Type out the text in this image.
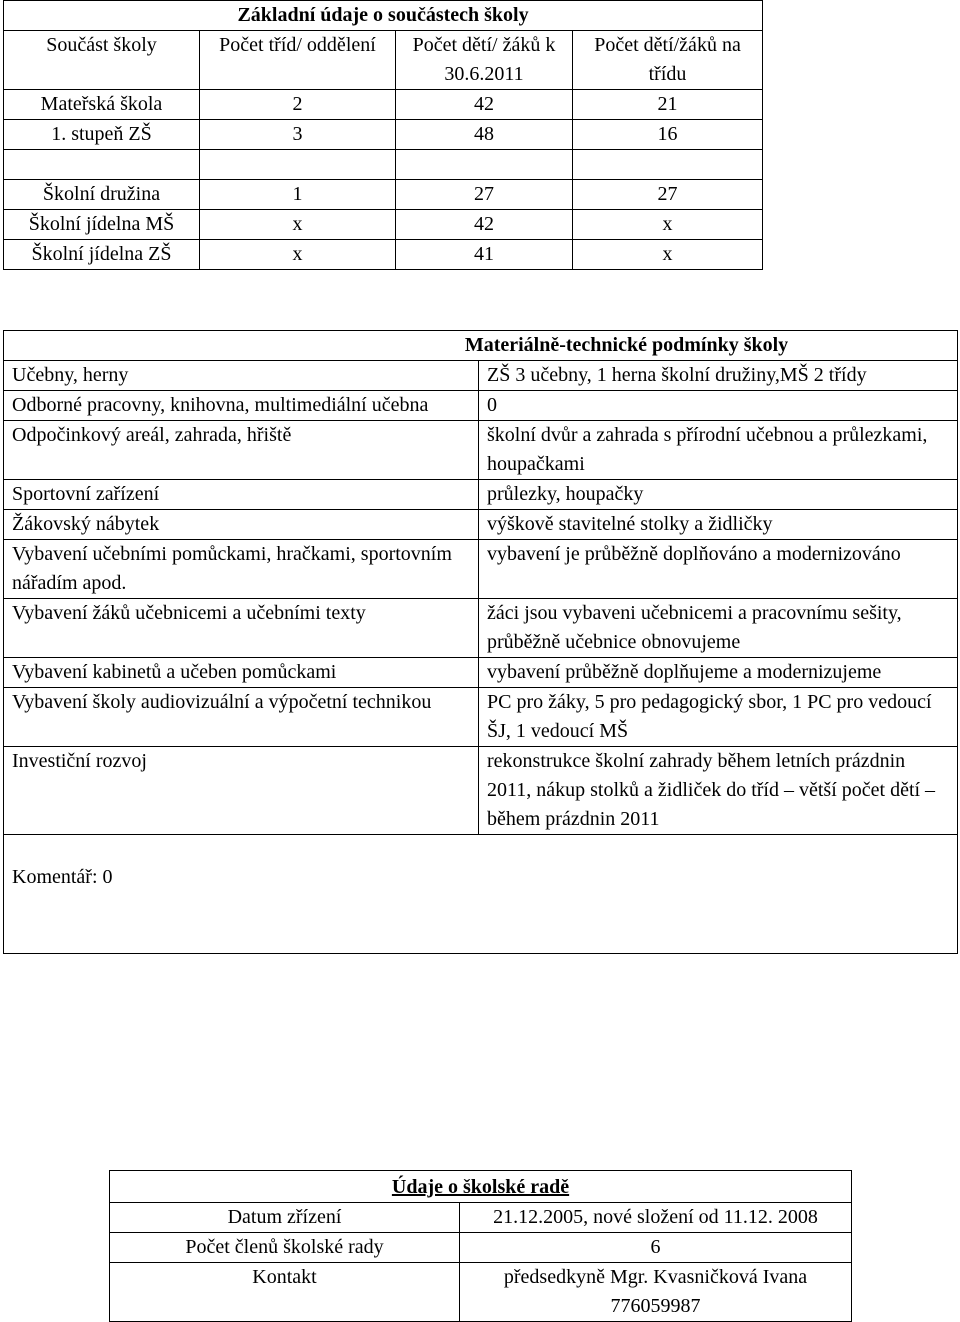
Základní údaje o součástech školy			
Součást školy	Počet tříd/ oddělení	Počet dětí/ žáků k 30.6.2011	Počet dětí/žáků na třídu
Mateřská škola	2	42	21
1. stupeň ZŠ	3	48	16

Školní družina	1	27	27
Školní jídelna MŠ	x	42	x
Školní jídelna ZŠ	x	41	x
Materiálně-technické podmínky školy	
Učebny, herny	ZŠ 3 učebny, 1 herna školní družiny,MŠ 2 třídy
Odborné pracovny, knihovna, multimediální učebna	0
Odpočinkový areál, zahrada, hřiště	školní dvůr a zahrada s přírodní učebnou a průlezkami, houpačkami
Sportovní zařízení	průlezky, houpačky
Žákovský nábytek	výškově stavitelné stolky a židličky
Vybavení učebními pomůckami, hračkami, sportovním nářadím apod.	vybavení je průběžně doplňováno a modernizováno
Vybavení žáků učebnicemi a učebními texty	žáci jsou vybaveni učebnicemi a pracovnímu sešity, průběžně učebnice obnovujeme
Vybavení kabinetů a učeben pomůckami	vybavení průběžně doplňujeme a modernizujeme
Vybavení školy audiovizuální a výpočetní technikou	PC pro žáky, 5 pro pedagogický sbor, 1 PC pro vedoucí ŠJ, 1 vedoucí MŠ
Investiční rozvoj	rekonstrukce školní zahrady během letních prázdnin 2011, nákup stolků a židliček do tříd – větší počet dětí – během prázdnin 2011
Komentář: 0	
Údaje o školské radě	
Datum zřízení	21.12.2005, nové složení od 11.12. 2008
Počet členů školské rady	6
Kontakt	předsedkyně Mgr. Kvasničková Ivana 776059987
